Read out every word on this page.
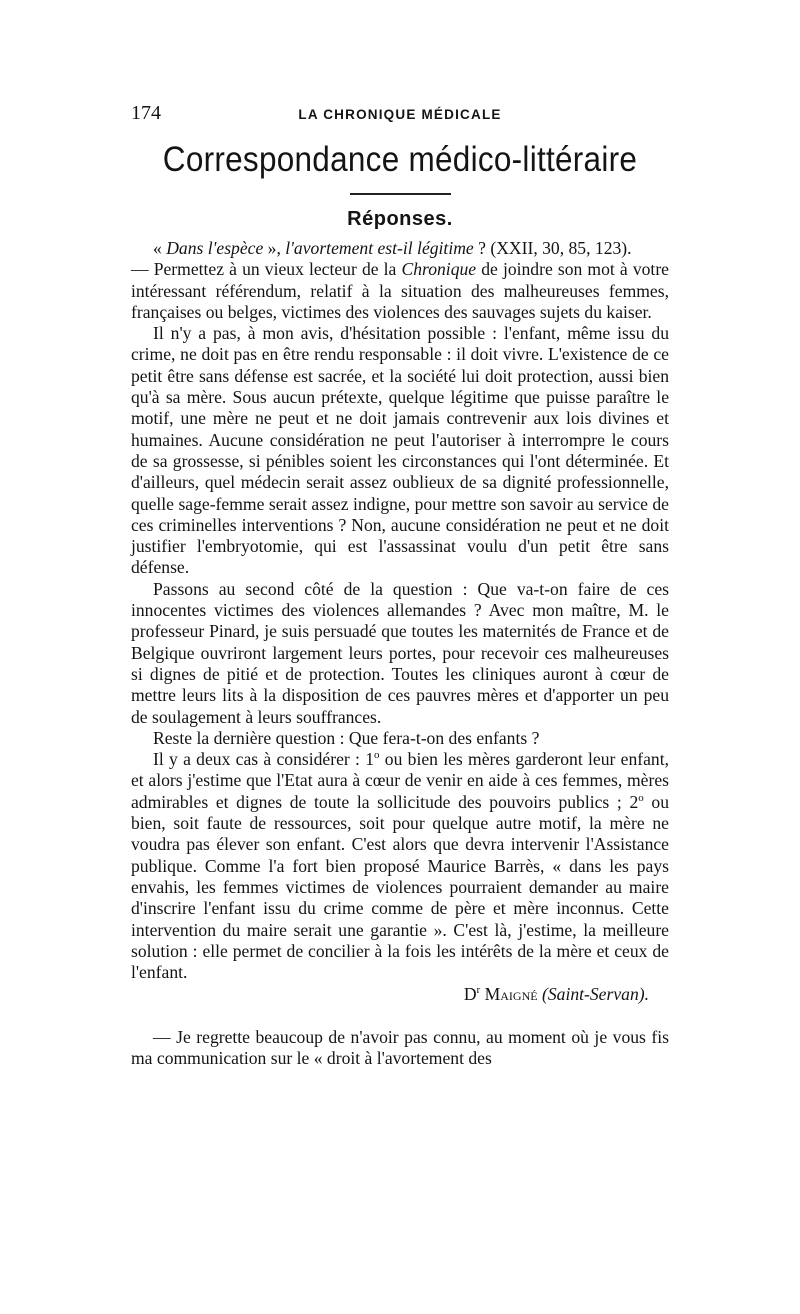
174	LA CHRONIQUE MÉDICALE
Correspondance médico-littéraire
Réponses.

« Dans l'espèce », l'avortement est-il légitime ? (XXII, 30, 85, 123).

— Permettez à un vieux lecteur de la Chronique de joindre son mot à votre intéressant référendum, relatif à la situation des malheureuses femmes, françaises ou belges, victimes des violences des sauvages sujets du kaiser.

Il n'y a pas, à mon avis, d'hésitation possible : l'enfant, même issu du crime, ne doit pas en être rendu responsable : il doit vivre. L'existence de ce petit être sans défense est sacrée, et la société lui doit protection, aussi bien qu'à sa mère. Sous aucun prétexte, quelque légitime que puisse paraître le motif, une mère ne peut et ne doit jamais contrevenir aux lois divines et humaines. Aucune considération ne peut l'autoriser à interrompre le cours de sa grossesse, si pénibles soient les circonstances qui l'ont déterminée. Et d'ailleurs, quel médecin serait assez oublieux de sa dignité professionnelle, quelle sage-femme serait assez indigne, pour mettre son savoir au service de ces criminelles interventions ? Non, aucune considération ne peut et ne doit justifier l'embryotomie, qui est l'assassinat voulu d'un petit être sans défense.

Passons au second côté de la question : Que va-t-on faire de ces innocentes victimes des violences allemandes ? Avec mon maître, M. le professeur Pinard, je suis persuadé que toutes les maternités de France et de Belgique ouvriront largement leurs portes, pour recevoir ces malheureuses si dignes de pitié et de protection. Toutes les cliniques auront à cœur de mettre leurs lits à la disposition de ces pauvres mères et d'apporter un peu de soulagement à leurs souffrances.

Reste la dernière question : Que fera-t-on des enfants ?

Il y a deux cas à considérer : 1$^o$ ou bien les mères garderont leur enfant, et alors j'estime que l'Etat aura à cœur de venir en aide à ces femmes, mères admirables et dignes de toute la sollicitude des pouvoirs publics ; 2$^o$ ou bien, soit faute de ressources, soit pour quelque autre motif, la mère ne voudra pas élever son enfant. C'est alors que devra intervenir l'Assistance publique. Comme l'a fort bien proposé Maurice Barrès, « dans les pays envahis, les femmes victimes de violences pourraient demander au maire d'inscrire l'enfant issu du crime comme de père et mère inconnus. Cette intervention du maire serait une garantie ». C'est là, j'estime, la meilleure solution : elle permet de concilier à la fois les intérêts de la mère et ceux de l'enfant.

$D^r$ Maigné (Saint-Servan).

— Je regrette beaucoup de n'avoir pas connu, au moment où je vous fis ma communication sur le « droit à l'avortement des
